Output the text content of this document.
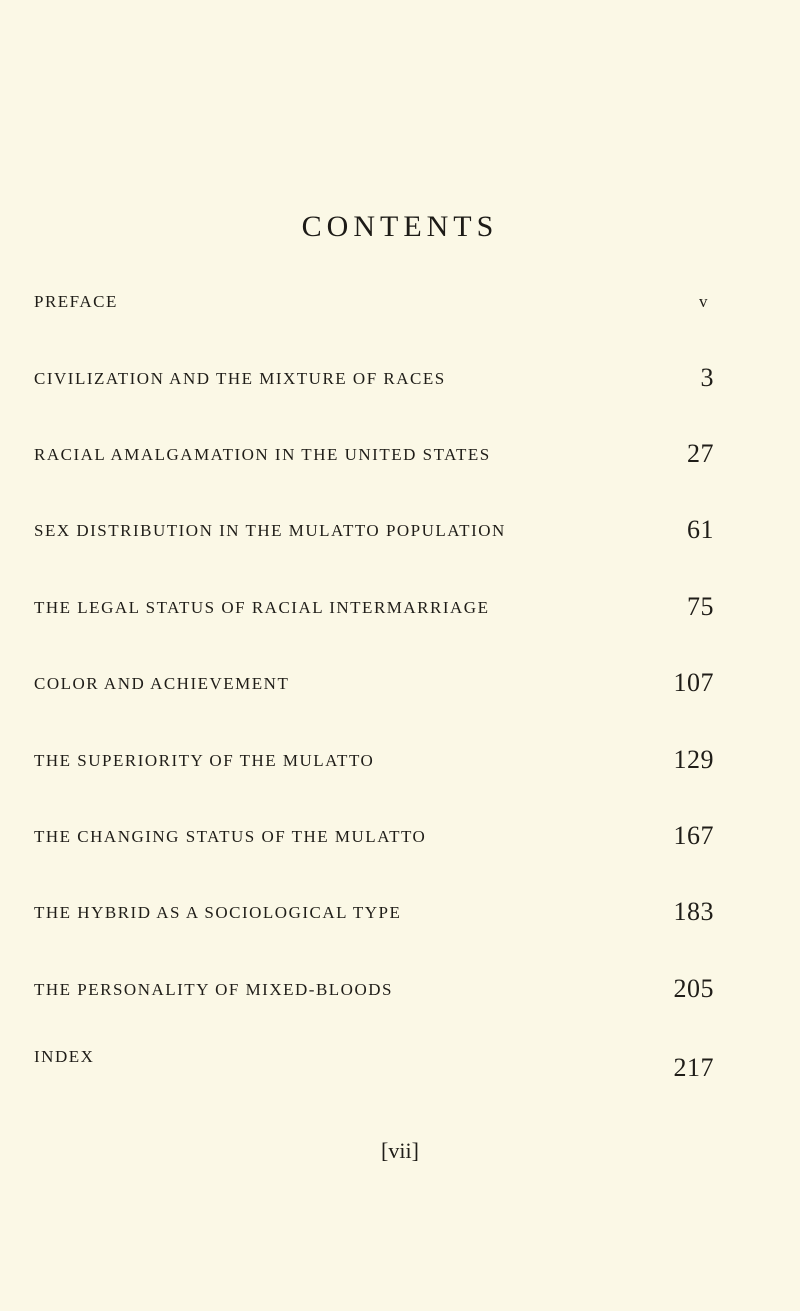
CONTENTS
PREFACE	v
CIVILIZATION AND THE MIXTURE OF RACES	3
RACIAL AMALGAMATION IN THE UNITED STATES	27
SEX DISTRIBUTION IN THE MULATTO POPULATION	61
THE LEGAL STATUS OF RACIAL INTERMARRIAGE	75
COLOR AND ACHIEVEMENT	107
THE SUPERIORITY OF THE MULATTO	129
THE CHANGING STATUS OF THE MULATTO	167
THE HYBRID AS A SOCIOLOGICAL TYPE	183
THE PERSONALITY OF MIXED-BLOODS	205
INDEX	217
[vii]
